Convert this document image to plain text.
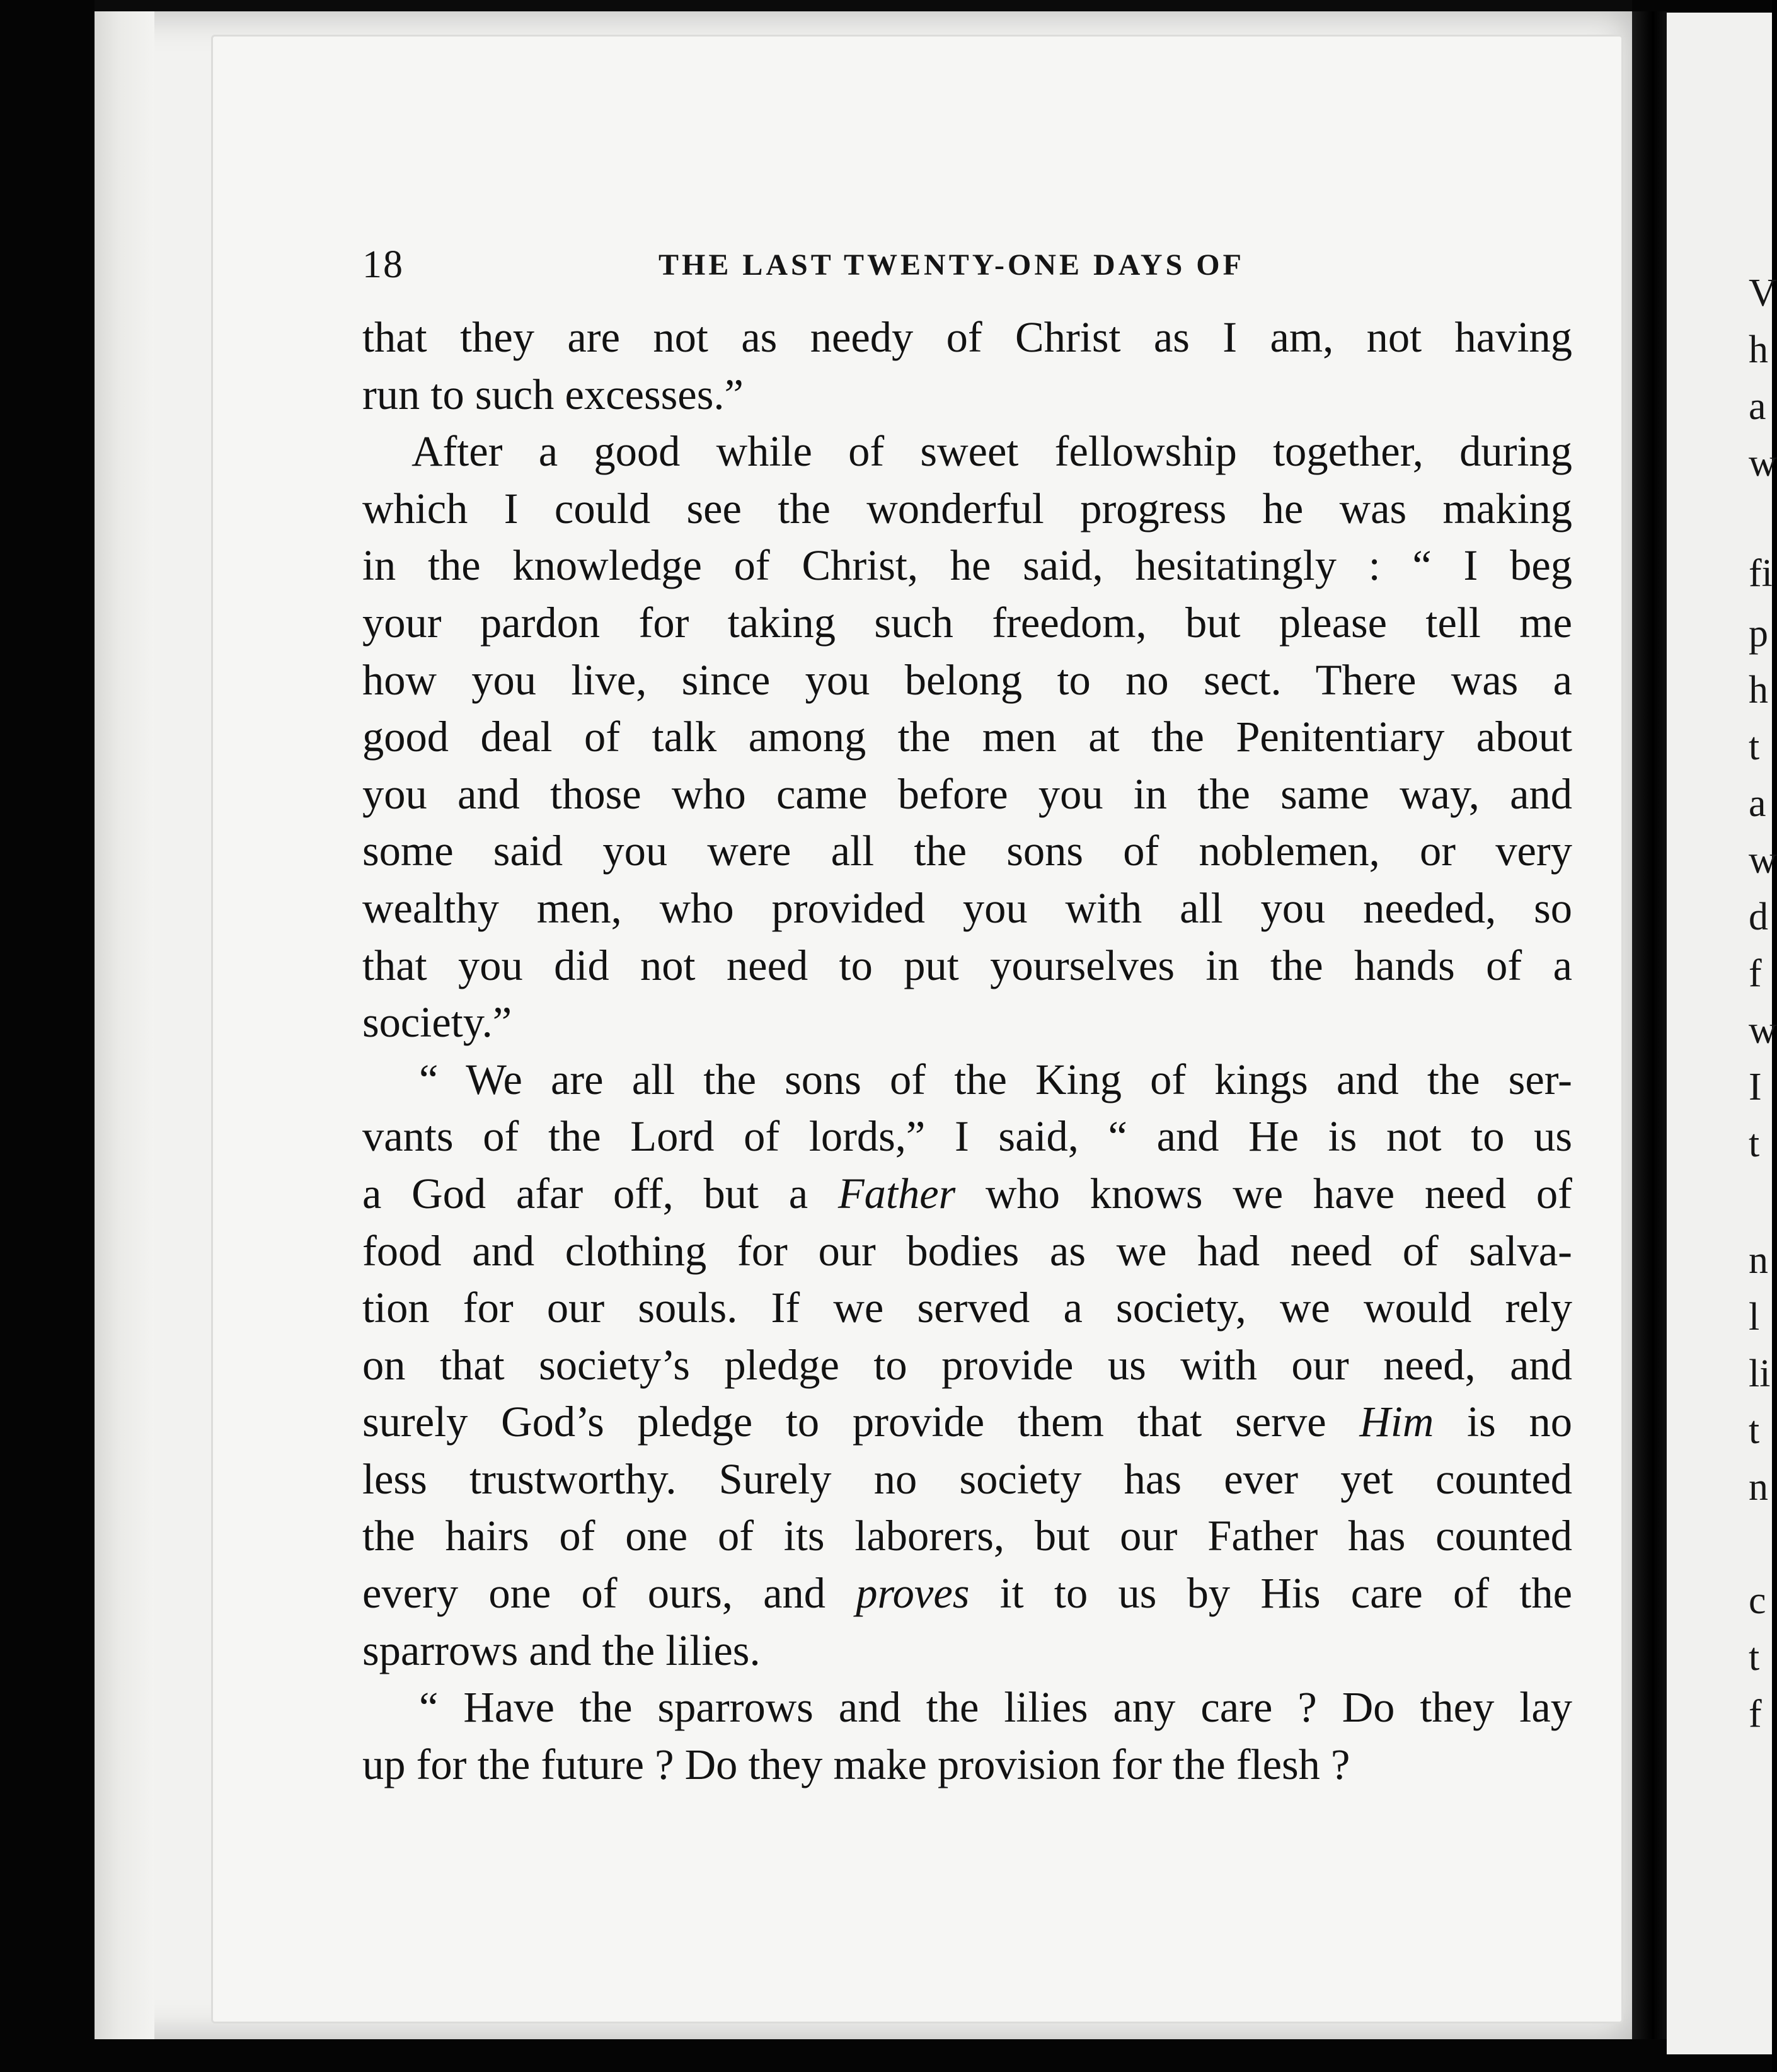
18	THE LAST TWENTY-ONE DAYS OF
that they are not as needy of Christ as I am, not having
run to such excesses.”
After a good while of sweet fellowship together, during
which I could see the wonderful progress he was making
in the knowledge of Christ, he said, hesitatingly : “ I beg
your pardon for taking such freedom, but please tell me
how you live, since you belong to no sect. There was a
good deal of talk among the men at the Penitentiary about
you and those who came before you in the same way, and
some said you were all the sons of noblemen, or very
wealthy men, who provided you with all you needed, so
that you did not need to put yourselves in the hands of a
society.”
“ We are all the sons of the King of kings and the ser-
vants of the Lord of lords,” I said, “ and He is not to us
a God afar off, but a Father who knows we have need of
food and clothing for our bodies as we had need of salva-
tion for our souls. If we served a society, we would rely
on that society’s pledge to provide us with our need, and
surely God’s pledge to provide them that serve Him is no
less trustworthy. Surely no society has ever yet counted
the hairs of one of its laborers, but our Father has counted
every one of ours, and proves it to us by His care of the
sparrows and the lilies.
“ Have the sparrows and the lilies any care ? Do they lay
up for the future ? Do they make provision for the flesh ?
V
h
a
w
fi
p
h
t
a
w
d
f
w
I
t
n
l
li
t
n
c
t
f
